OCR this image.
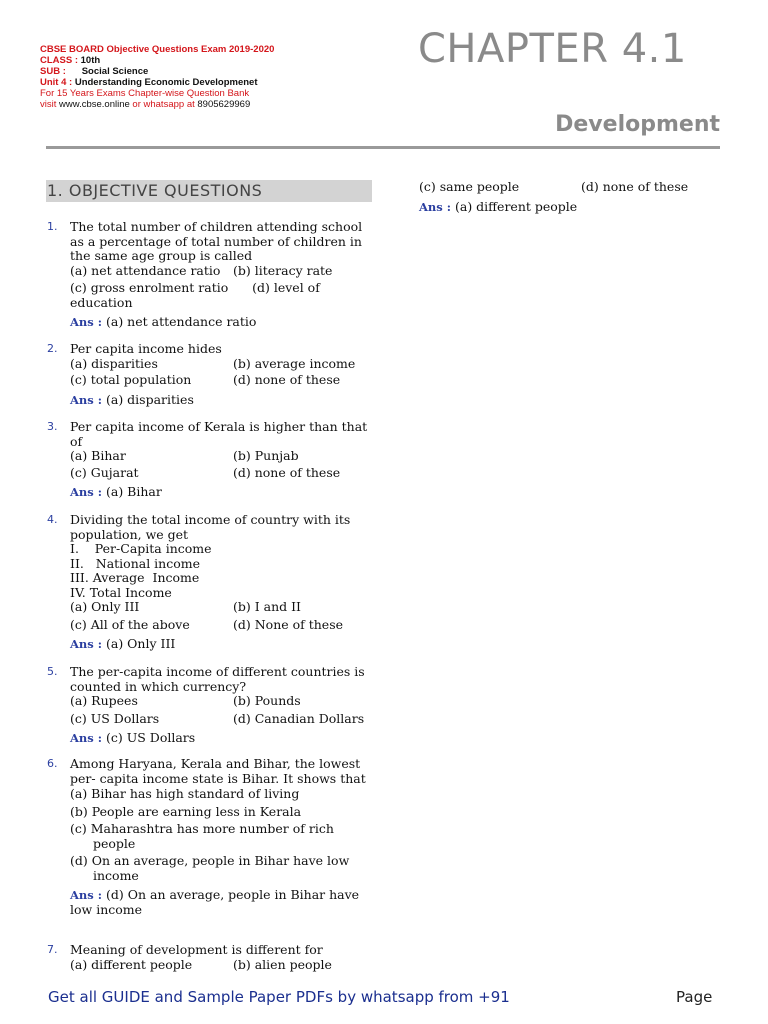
CBSE BOARD Objective Questions Exam 2019-2020
CLASS : 10th
SUB : Social Science
Unit 4 : Understanding Economic Developmenet
For 15 Years Exams Chapter-wise Question Bank
visit www.cbse.online or whatsapp at 8905629969
CHAPTER 4.1
Development
1. OBJECTIVE QUESTIONS
1. The total number of children attending school as a percentage of total number of children in the same age group is called
(a) net attendance ratio	(b) literacy rate
(c) gross enrolment ratio (d) level of education
Ans : (a) net attendance ratio
2. Per capita income hides
(a) disparities	(b) average income
(c) total population	(d) none of these
Ans : (a) disparities
3. Per capita income of Kerala is higher than that of
(a) Bihar	(b) Punjab
(c) Gujarat	(d) none of these
Ans : (a) Bihar
4. Dividing the total income of country with its population, we get
I.    Per-Capita income
II.   National income
III. Average  Income
IV. Total Income
(a) Only III	(b) I and II
(c) All of the above	(d) None of these
Ans : (a) Only III
5. The per-capita income of different countries is counted in which currency?
(a) Rupees	(b) Pounds
(c) US Dollars	(d) Canadian Dollars
Ans : (c) US Dollars
6. Among Haryana, Kerala and Bihar, the lowest per- capita income state is Bihar. It shows that
(a) Bihar has high standard of living
(b) People are earning less in Kerala
(c) Maharashtra has more number of rich people
(d) On an average, people in Bihar have low income
Ans : (d) On an average, people in Bihar have low income
7. Meaning of development is different for
(a) different people	(b) alien people
(c) same people	(d) none of these
Ans : (a) different people
Get all GUIDE and Sample Paper PDFs by whatsapp from +91	Page
